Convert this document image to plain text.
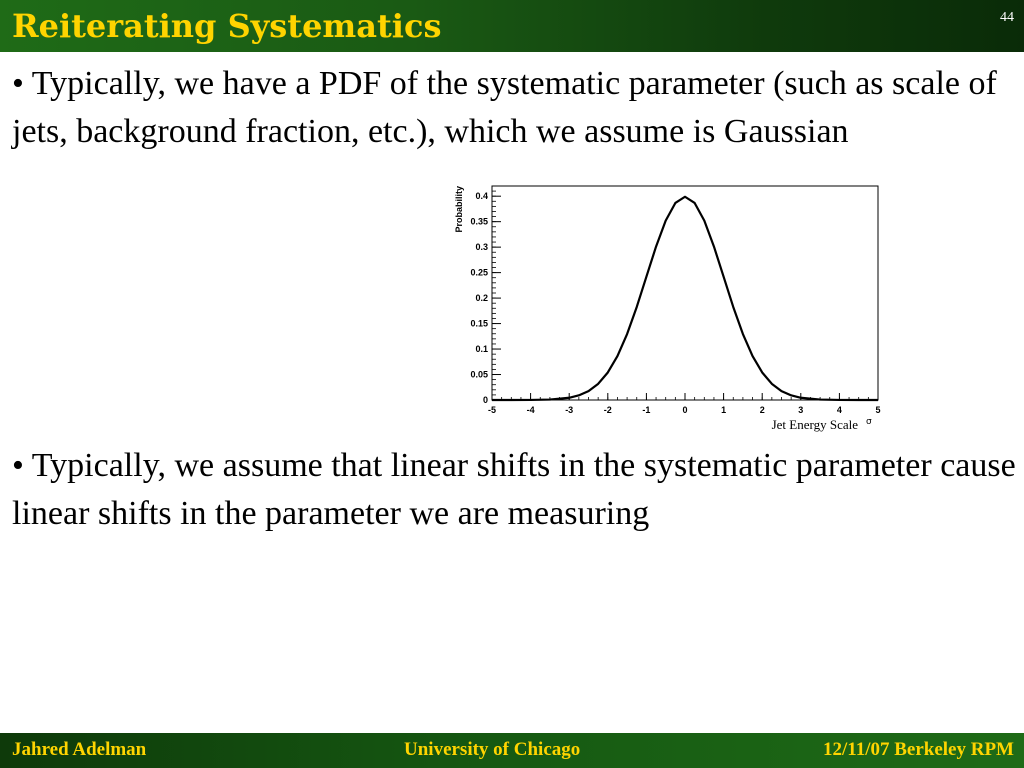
Reiterating Systematics	44
• Typically, we have a PDF of the systematic parameter (such as scale of jets, background fraction, etc.), which we assume is Gaussian
-5	-4	-3	-2	-1	0	1	2	3	4	5
0
0.05
0.1
0.15
0.2
0.25
0.3
0.35
0.4
Probability
Jet Energy Scale σ
• Typically, we assume that linear shifts in the systematic parameter cause linear shifts in the parameter we are measuring
Jahred Adelman	University of Chicago	12/11/07 Berkeley RPM
